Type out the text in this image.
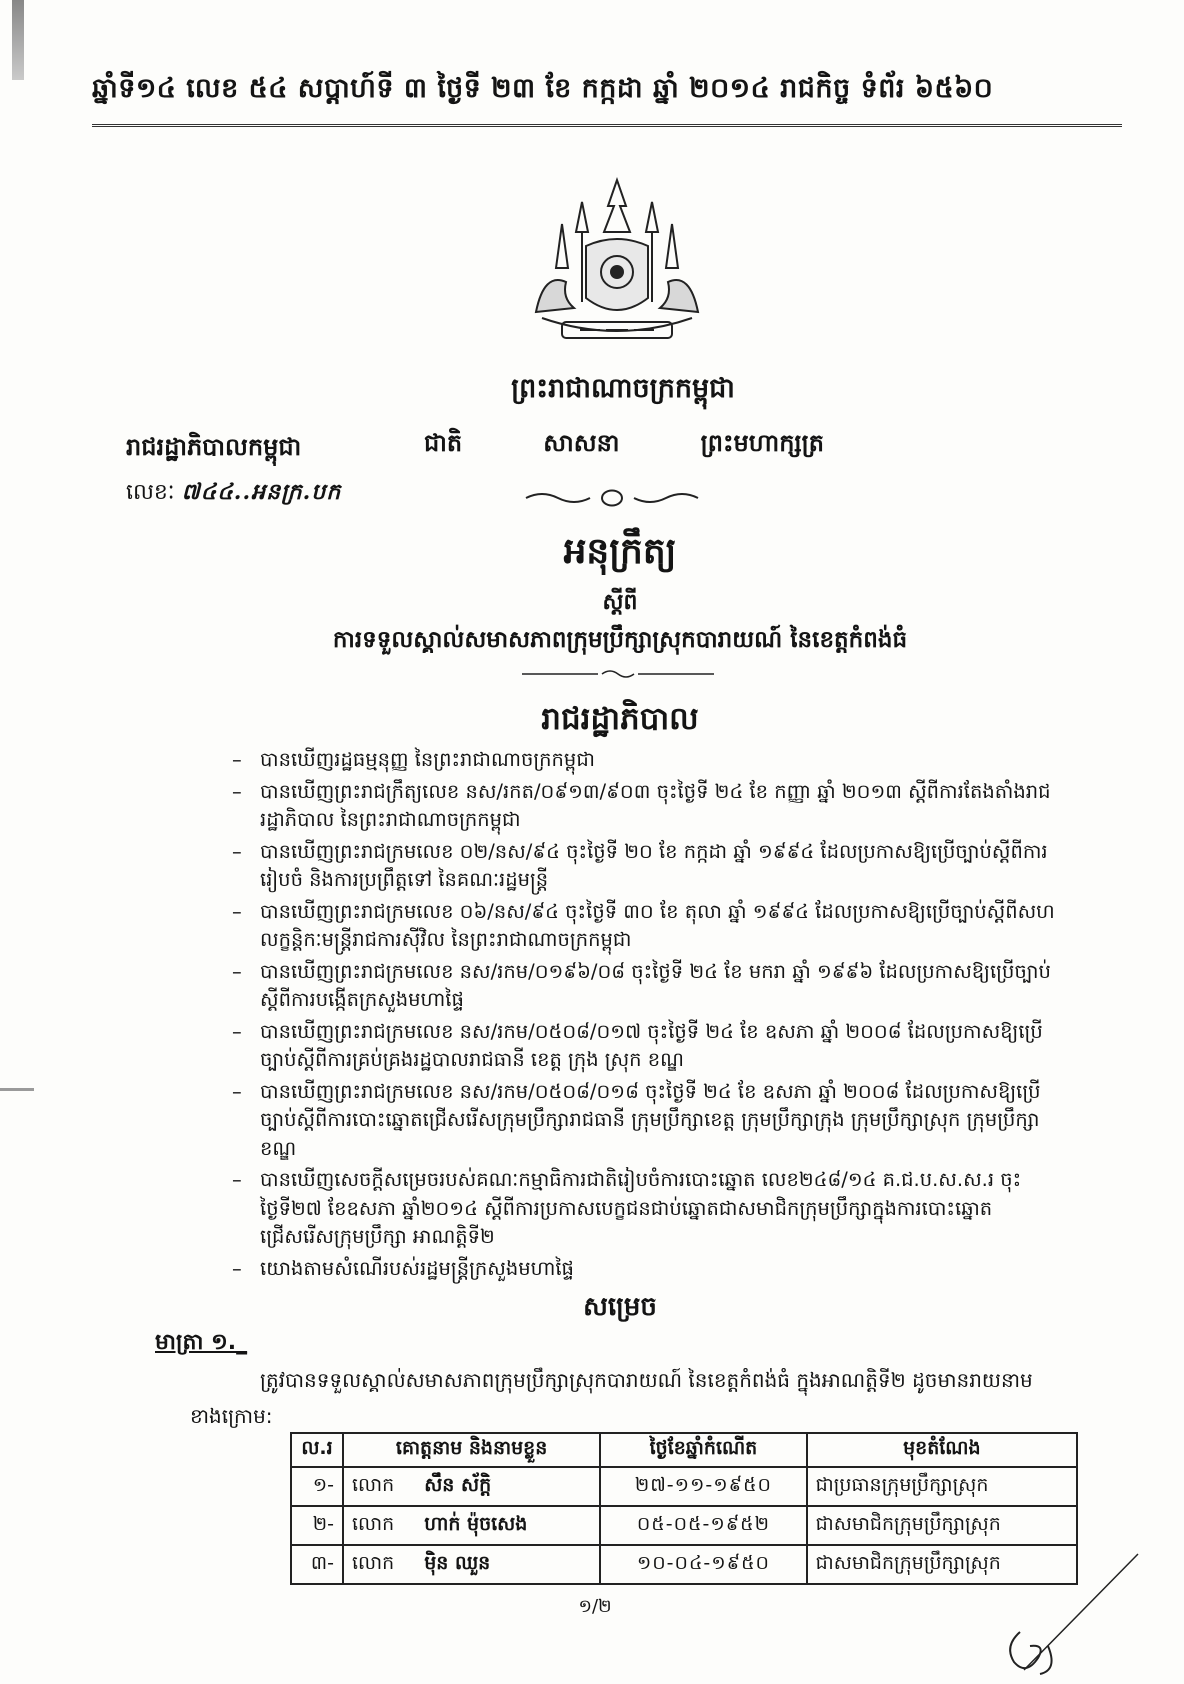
ឆ្នាំទី១៤ លេខ ៥៤ សប្តាហ៍ទី ៣ ថ្ងៃទី ២៣ ខែ កក្កដា ឆ្នាំ ២០១៤ រាជកិច្ច ទំព័រ ៦៥៦០
ព្រះរាជាណាចក្រកម្ពុជា
ជាតិ	សាសនា	ព្រះមហាក្សត្រ
រាជរដ្ឋាភិបាលកម្ពុជា
លេខៈ ៧៤៤..អនក្រ.បក
អនុក្រឹត្យ
ស្តីពី
ការទទួលស្គាល់សមាសភាពក្រុមប្រឹក្សាស្រុកបារាយណ៍ នៃខេត្តកំពង់ធំ
រាជរដ្ឋាភិបាល
– បានឃើញរដ្ឋធម្មនុញ្ញ នៃព្រះរាជាណាចក្រកម្ពុជា
– បានឃើញព្រះរាជក្រឹត្យលេខ នស/រកត/០៩១៣/៩០៣ ចុះថ្ងៃទី ២៤ ខែ កញ្ញា ឆ្នាំ ២០១៣ ស្តីពីការតែងតាំងរាជរដ្ឋាភិបាល នៃព្រះរាជាណាចក្រកម្ពុជា
– បានឃើញព្រះរាជក្រមលេខ ០២/នស/៩៤ ចុះថ្ងៃទី ២០ ខែ កក្កដា ឆ្នាំ ១៩៩៤ ដែលប្រកាសឱ្យប្រើច្បាប់ស្តីពីការរៀបចំ និងការប្រព្រឹត្តទៅ នៃគណៈរដ្ឋមន្ត្រី
– បានឃើញព្រះរាជក្រមលេខ ០៦/នស/៩៤ ចុះថ្ងៃទី ៣០ ខែ តុលា ឆ្នាំ ១៩៩៤ ដែលប្រកាសឱ្យប្រើច្បាប់ស្តីពីសហលក្ខន្តិកៈមន្ត្រីរាជការស៊ីវិល នៃព្រះរាជាណាចក្រកម្ពុជា
– បានឃើញព្រះរាជក្រមលេខ នស/រកម/០១៩៦/០៨ ចុះថ្ងៃទី ២៤ ខែ មករា ឆ្នាំ ១៩៩៦ ដែលប្រកាសឱ្យប្រើច្បាប់ស្តីពីការបង្កើតក្រសួងមហាផ្ទៃ
– បានឃើញព្រះរាជក្រមលេខ នស/រកម/០៥០៨/០១៧ ចុះថ្ងៃទី ២៤ ខែ ឧសភា ឆ្នាំ ២០០៨ ដែលប្រកាសឱ្យប្រើច្បាប់ស្តីពីការគ្រប់គ្រងរដ្ឋបាលរាជធានី ខេត្ត ក្រុង ស្រុក ខណ្ឌ
– បានឃើញព្រះរាជក្រមលេខ នស/រកម/០៥០៨/០១៨ ចុះថ្ងៃទី ២៤ ខែ ឧសភា ឆ្នាំ ២០០៨ ដែលប្រកាសឱ្យប្រើច្បាប់ស្តីពីការបោះឆ្នោតជ្រើសរើសក្រុមប្រឹក្សារាជធានី ក្រុមប្រឹក្សាខេត្ត ក្រុមប្រឹក្សាក្រុង ក្រុមប្រឹក្សាស្រុក ក្រុមប្រឹក្សាខណ្ឌ
– បានឃើញសេចក្តីសម្រេចរបស់គណៈកម្មាធិការជាតិរៀបចំការបោះឆ្នោត លេខ២៤៨/១៤ គ.ជ.ប.ស.ស.រ ចុះថ្ងៃទី២៧ ខែឧសភា ឆ្នាំ២០១៤ ស្តីពីការប្រកាសបេក្ខជនជាប់ឆ្នោតជាសមាជិកក្រុមប្រឹក្សាក្នុងការបោះឆ្នោតជ្រើសរើសក្រុមប្រឹក្សា អាណត្តិទី២
– យោងតាមសំណើរបស់រដ្ឋមន្ត្រីក្រសួងមហាផ្ទៃ
សម្រេច
មាត្រា ១._
ត្រូវបានទទួលស្គាល់សមាសភាពក្រុមប្រឹក្សាស្រុកបារាយណ៍ នៃខេត្តកំពង់ធំ ក្នុងអាណត្តិទី២ ដូចមានរាយនាមខាងក្រោម:
ល.រ	គោត្តនាម និងនាមខ្លួន	ថ្ងៃខែឆ្នាំកំណើត	មុខតំណែង
១-	លោក សឹន ស័ក្តិ	២៧-១១-១៩៥០	ជាប្រធានក្រុមប្រឹក្សាស្រុក
២-	លោក ហាក់ ម៉ុចសេង	០៥-០៥-១៩៥២	ជាសមាជិកក្រុមប្រឹក្សាស្រុក
៣-	លោក ម៉ិន ឈួន	១០-០៤-១៩៥០	ជាសមាជិកក្រុមប្រឹក្សាស្រុក
១/២
